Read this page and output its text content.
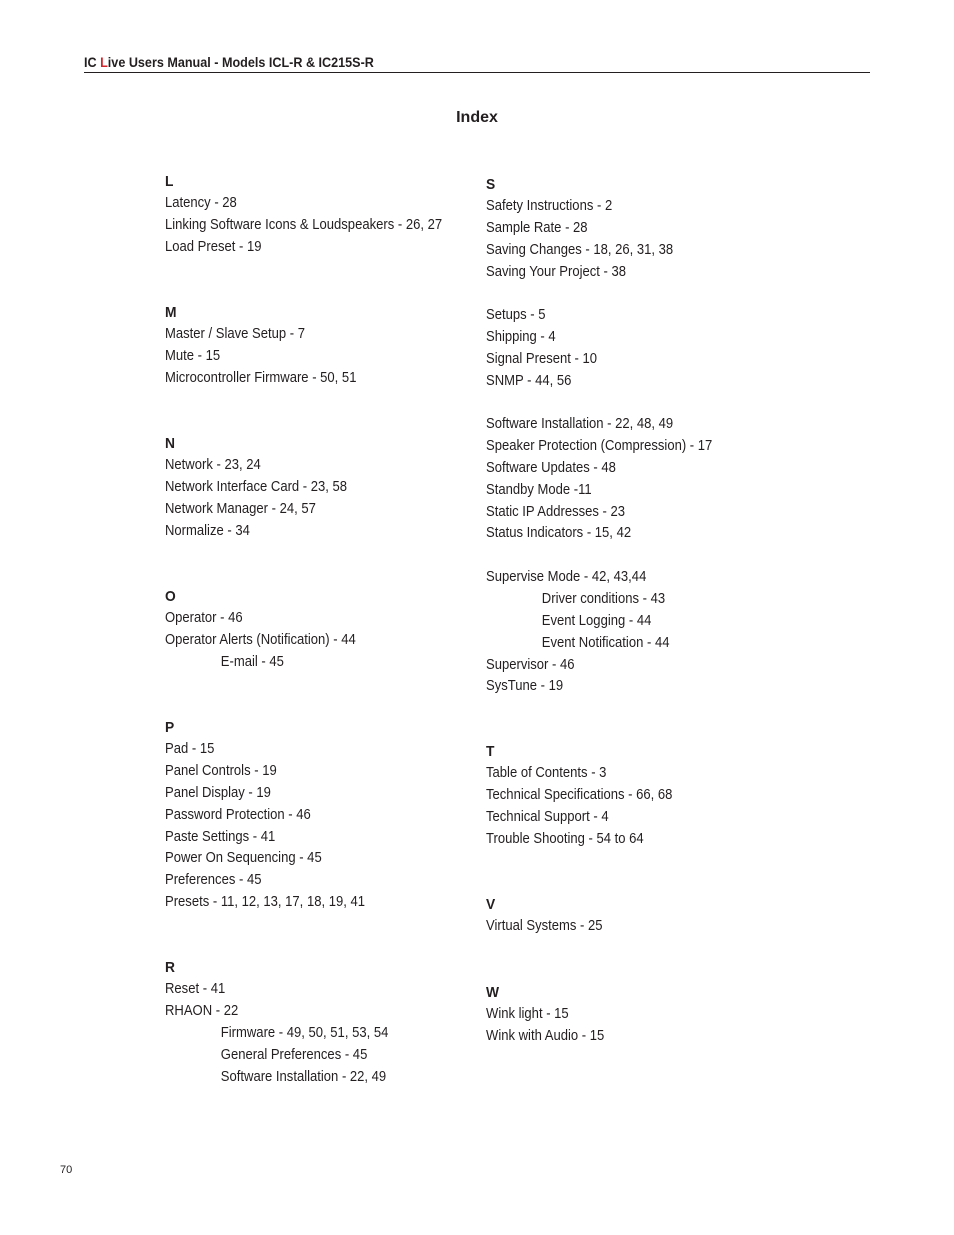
IC Live Users Manual - Models ICL-R & IC215S-R
Index
L
Latency - 28
Linking Software Icons & Loudspeakers - 26, 27
Load Preset - 19
M
Master / Slave Setup - 7
Mute - 15
Microcontroller Firmware - 50, 51
N
Network - 23, 24
Network Interface Card - 23, 58
Network Manager - 24, 57
Normalize - 34
O
Operator - 46
Operator Alerts (Notification) - 44
E-mail - 45
P
Pad - 15
Panel Controls - 19
Panel Display - 19
Password Protection - 46
Paste Settings - 41
Power On Sequencing - 45
Preferences - 45
Presets - 11, 12, 13, 17, 18, 19, 41
R
Reset - 41
RHAON - 22
Firmware - 49, 50, 51, 53, 54
General Preferences - 45
Software Installation - 22, 49
S
Safety Instructions - 2
Sample Rate - 28
Saving Changes - 18, 26, 31, 38
Saving Your Project - 38
Setups - 5
Shipping - 4
Signal Present - 10
SNMP - 44, 56
Software Installation - 22, 48, 49
Speaker Protection (Compression) - 17
Software Updates - 48
Standby Mode -11
Static IP Addresses - 23
Status Indicators - 15, 42
Supervise Mode - 42, 43,44
Driver conditions - 43
Event Logging - 44
Event Notification - 44
Supervisor - 46
SysTune - 19
T
Table of Contents - 3
Technical Specifications - 66, 68
Technical Support - 4
Trouble Shooting - 54 to 64
V
Virtual Systems - 25
W
Wink light - 15
Wink with Audio - 15
70
